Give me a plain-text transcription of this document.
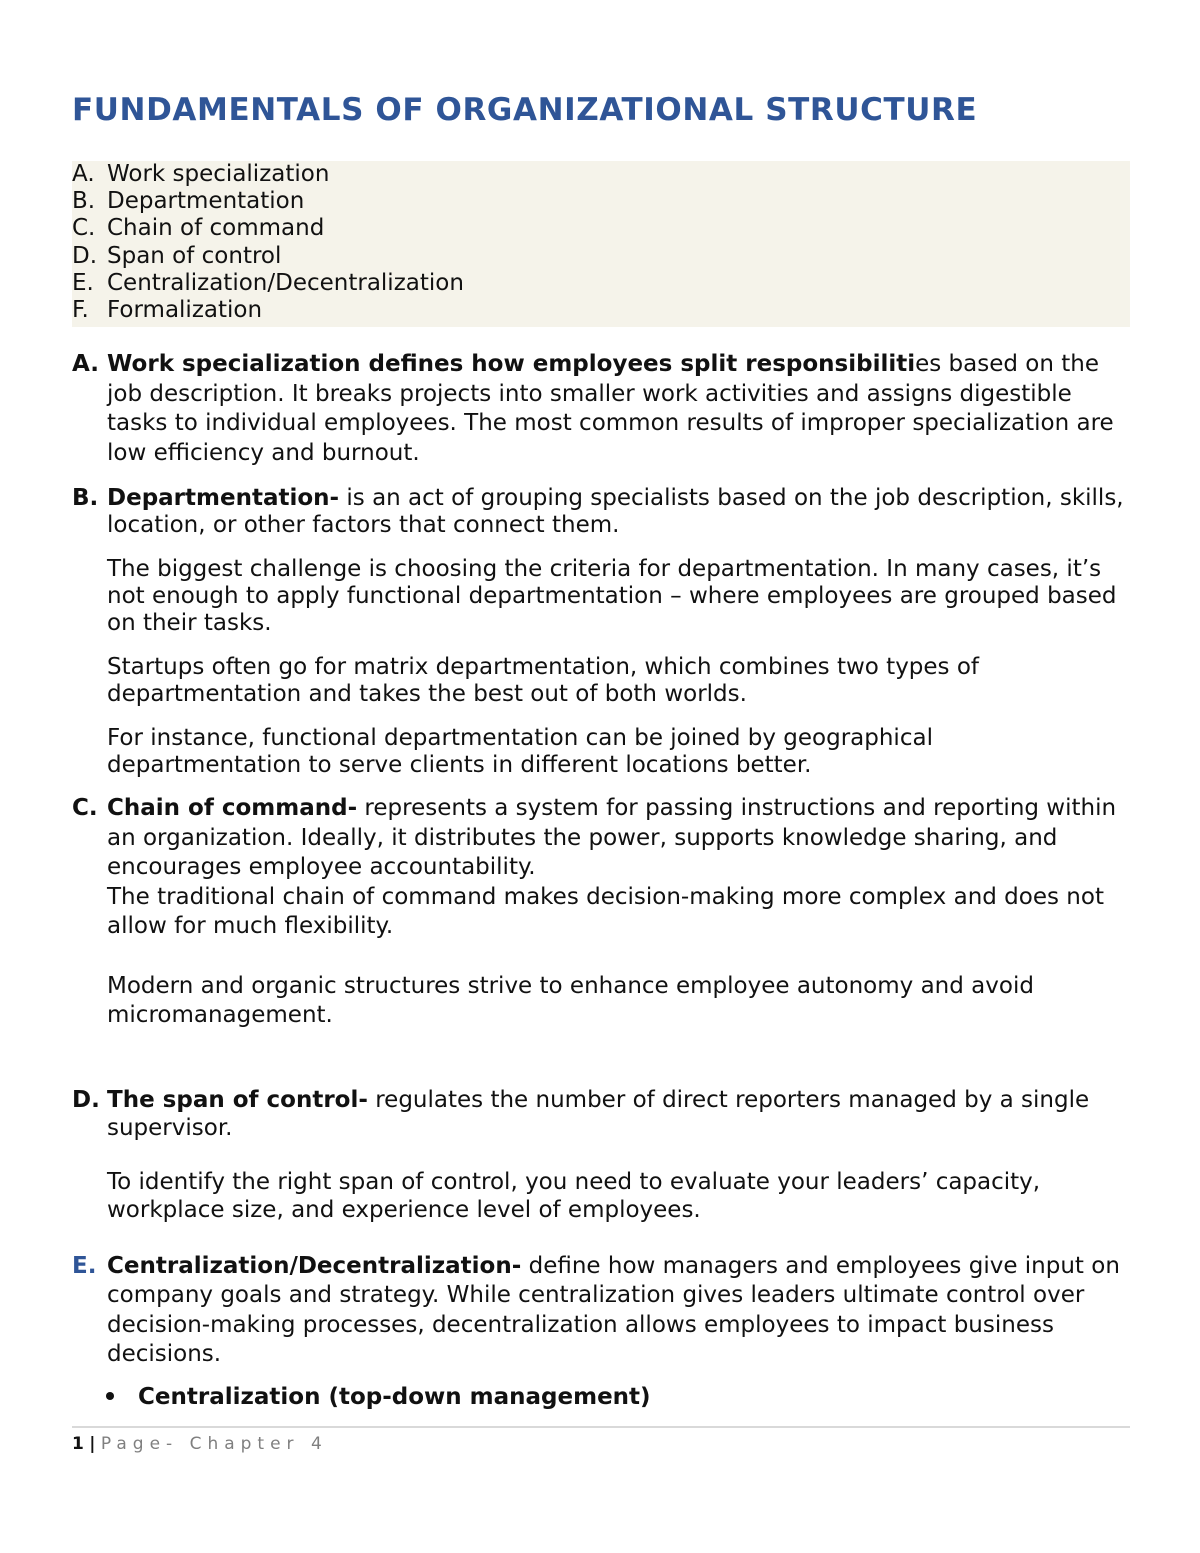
FUNDAMENTALS OF ORGANIZATIONAL STRUCTURE
A. Work specialization
B. Departmentation
C. Chain of command
D. Span of control
E. Centralization/Decentralization
F. Formalization
A. Work specialization defines how employees split responsibilities based on the job description. It breaks projects into smaller work activities and assigns digestible tasks to individual employees. The most common results of improper specialization are low efficiency and burnout.

B. Departmentation- is an act of grouping specialists based on the job description, skills, location, or other factors that connect them.

The biggest challenge is choosing the criteria for departmentation. In many cases, it’s not enough to apply functional departmentation – where employees are grouped based on their tasks.

Startups often go for matrix departmentation, which combines two types of departmentation and takes the best out of both worlds.

For instance, functional departmentation can be joined by geographical departmentation to serve clients in different locations better.

C. Chain of command- represents a system for passing instructions and reporting within an organization. Ideally, it distributes the power, supports knowledge sharing, and encourages employee accountability.

The traditional chain of command makes decision-making more complex and does not allow for much flexibility.

Modern and organic structures strive to enhance employee autonomy and avoid micromanagement.

D. The span of control- regulates the number of direct reporters managed by a single supervisor.

To identify the right span of control, you need to evaluate your leaders’ capacity, workplace size, and experience level of employees.

E. Centralization/Decentralization- define how managers and employees give input on company goals and strategy. While centralization gives leaders ultimate control over decision-making processes, decentralization allows employees to impact business decisions.

Centralization (top-down management)
1 | Page- Chapter 4
